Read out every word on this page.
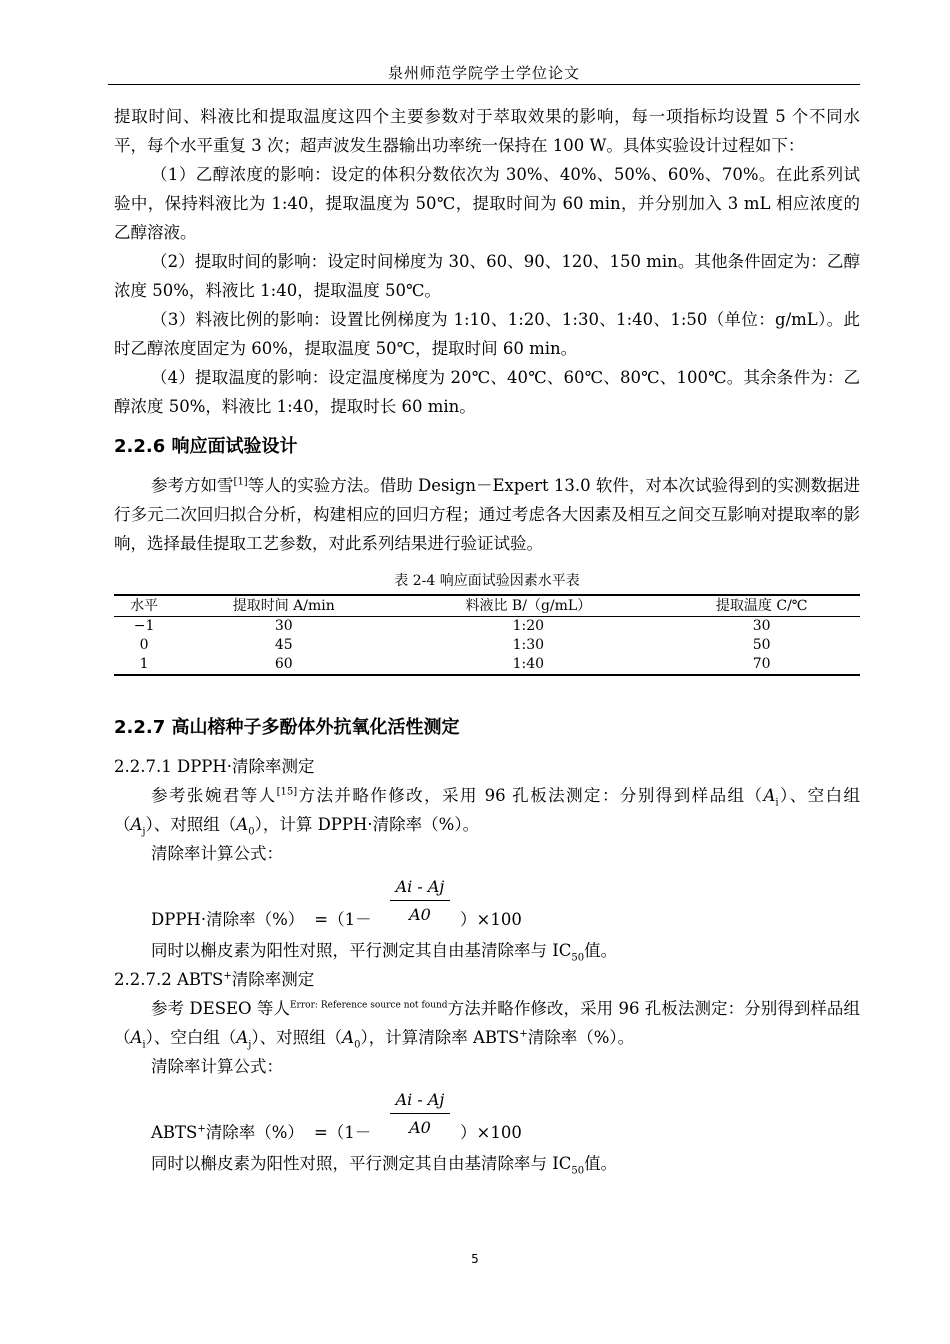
泉州师范学院学士学位论文

提取时间、料液比和提取温度这四个主要参数对于萃取效果的影响，每一项指标均设置 5 个不同水平，每个水平重复 3 次；超声波发生器输出功率统一保持在 100 W。具体实验设计过程如下：

（1）乙醇浓度的影响：设定的体积分数依次为 30%、40%、50%、60%、70%。在此系列试验中，保持料液比为 1:40，提取温度为 50℃，提取时间为 60 min，并分别加入 3 mL 相应浓度的乙醇溶液。

（2）提取时间的影响：设定时间梯度为 30、60、90、120、150 min。其他条件固定为：乙醇浓度 50%，料液比 1:40，提取温度 50℃。

（3）料液比例的影响：设置比例梯度为 1:10、1:20、1:30、1:40、1:50（单位：g/mL）。此时乙醇浓度固定为 60%，提取温度 50℃，提取时间 60 min。

（4）提取温度的影响：设定温度梯度为 20℃、40℃、60℃、80℃、100℃。其余条件为：乙醇浓度 50%，料液比 1:40，提取时长 60 min。

2.2.6 响应面试验设计

参考方如雪[1]等人的实验方法。借助 Design－Expert 13.0 软件，对本次试验得到的实测数据进行多元二次回归拟合分析，构建相应的回归方程；通过考虑各大因素及相互之间交互影响对提取率的影响，选择最佳提取工艺参数，对此系列结果进行验证试验。

表 2-4 响应面试验因素水平表
水平	提取时间 A/min	料液比 B/（g/mL）	提取温度 C/℃
−1	30	1:20	30
0	45	1:30	50
1	60	1:40	70
2.2.7 高山榕种子多酚体外抗氧化活性测定
2.2.7.1 DPPH·清除率测定

参考张婉君等人[15]方法并略作修改，采用 96 孔板法测定：分别得到样品组$(A_i)$、空白组$(A_j)$、对照组$(A_0)$，计算 DPPH·清除率（%）。

清除率计算公式：

DPPH·清除率（%） $=(1- \frac{Ai - Aj}{A0} )\times 100$

同时以槲皮素为阳性对照，平行测定其自由基清除率与 $IC_{50}$值。

2.2.7.2 ABTS+清除率测定

参考 DESEO 等人$^{Error: Reference source not found}$方法并略作修改，采用 96 孔板法测定：分别得到样品组$(A_i)$、空白组$(A_j)$、对照组$(A_0)$，计算清除率 ABTS+清除率（%）。

清除率计算公式：

ABTS+清除率（%） $=(1- \frac{Ai - Aj}{A0} )\times 100$

同时以槲皮素为阳性对照，平行测定其自由基清除率与 $IC_{50}$值。

5
